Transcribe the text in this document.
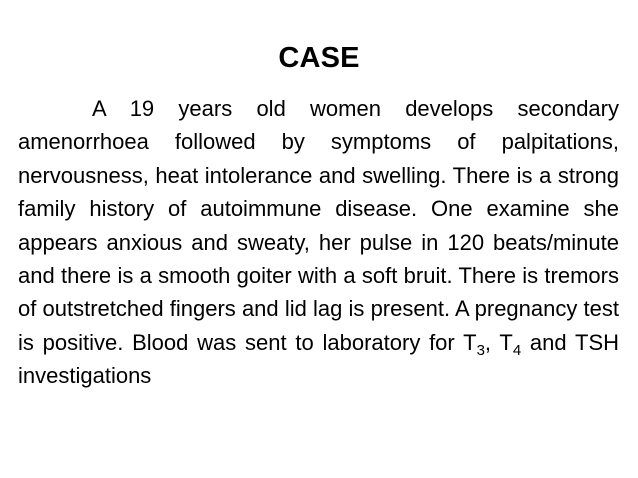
CASE

A 19 years old women develops secondary amenorrhoea followed by symptoms of palpitations, nervousness, heat intolerance and swelling. There is a strong family history of autoimmune disease. One examine she appears anxious and sweaty, her pulse in 120 beats/minute and there is a smooth goiter with a soft bruit. There is tremors of outstretched fingers and lid lag is present. A pregnancy test is positive. Blood was sent to laboratory for $T_3$, $T_4$ and TSH investigations
